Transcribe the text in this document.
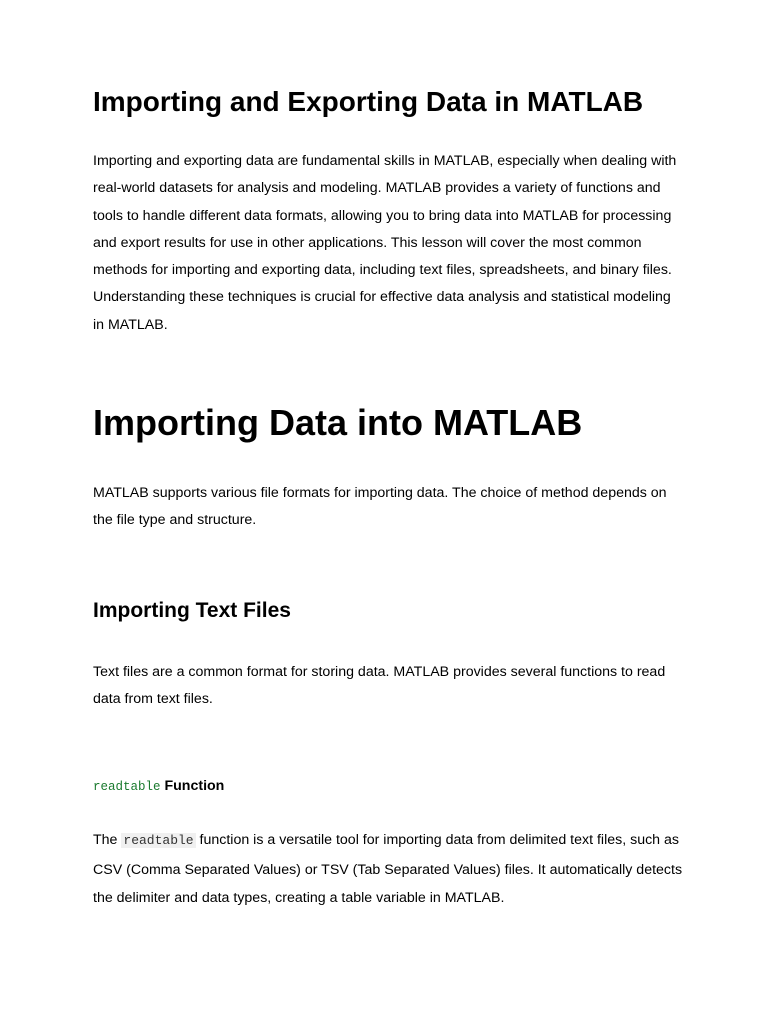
Importing and Exporting Data in MATLAB

Importing and exporting data are fundamental skills in MATLAB, especially when dealing with real-world datasets for analysis and modeling. MATLAB provides a variety of functions and tools to handle different data formats, allowing you to bring data into MATLAB for processing and export results for use in other applications. This lesson will cover the most common methods for importing and exporting data, including text files, spreadsheets, and binary files. Understanding these techniques is crucial for effective data analysis and statistical modeling in MATLAB.

Importing Data into MATLAB

MATLAB supports various file formats for importing data. The choice of method depends on the file type and structure.

Importing Text Files

Text files are a common format for storing data. MATLAB provides several functions to read data from text files.

readtable Function

The readtable function is a versatile tool for importing data from delimited text files, such as CSV (Comma Separated Values) or TSV (Tab Separated Values) files. It automatically detects the delimiter and data types, creating a table variable in MATLAB.
